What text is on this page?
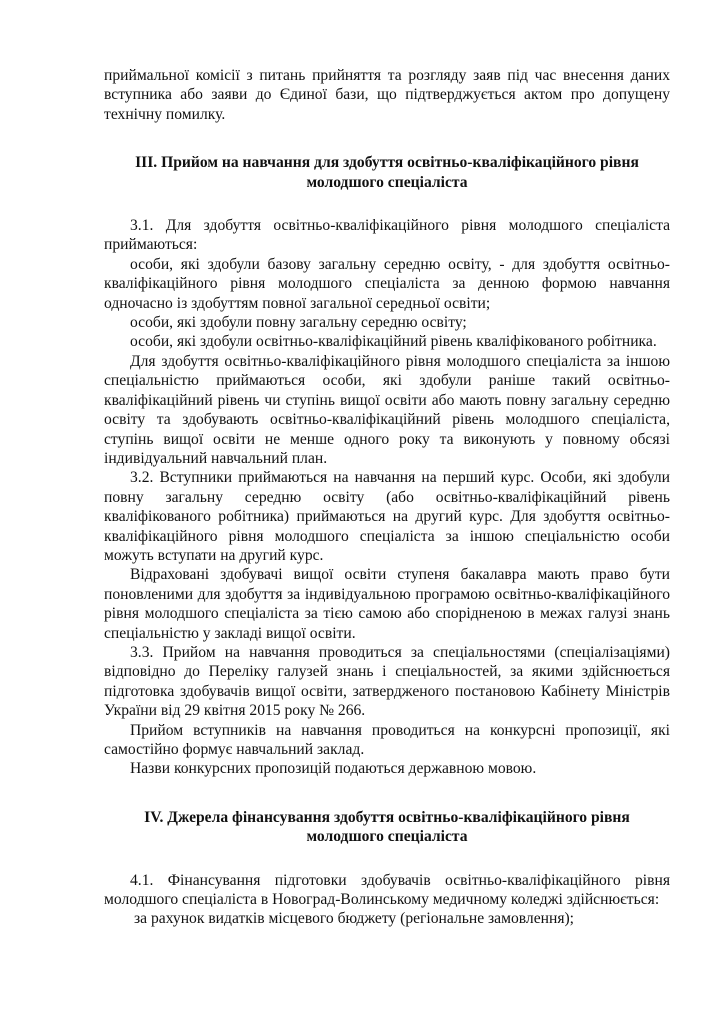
приймальної комісії з питань прийняття та розгляду заяв під час внесення даних вступника або заяви до Єдиної бази, що підтверджується актом про допущену технічну помилку.

ІІІ. Прийом на навчання для здобуття освітньо-кваліфікаційного рівня
молодшого спеціаліста

3.1. Для здобуття освітньо-кваліфікаційного рівня молодшого спеціаліста приймаються:

особи, які здобули базову загальну середню освіту, - для здобуття освітньо-кваліфікаційного рівня молодшого спеціаліста за денною формою навчання одночасно із здобуттям повної загальної середньої освіти;

особи, які здобули повну загальну середню освіту;

особи, які здобули освітньо-кваліфікаційний рівень кваліфікованого робітника.

Для здобуття освітньо-кваліфікаційного рівня молодшого спеціаліста за іншою спеціальністю приймаються особи, які здобули раніше такий освітньо-кваліфікаційний рівень чи ступінь вищої освіти або мають повну загальну середню освіту та здобувають освітньо-кваліфікаційний рівень молодшого спеціаліста, ступінь вищої освіти не менше одного року та виконують у повному обсязі індивідуальний навчальний план.

3.2. Вступники приймаються на навчання на перший курс. Особи, які здобули повну загальну середню освіту (або освітньо-кваліфікаційний рівень кваліфікованого робітника) приймаються на другий курс. Для здобуття освітньо-кваліфікаційного рівня молодшого спеціаліста за іншою спеціальністю особи можуть вступати на другий курс.

Відраховані здобувачі вищої освіти ступеня бакалавра мають право бути поновленими для здобуття за індивідуальною програмою освітньо-кваліфікаційного рівня молодшого спеціаліста за тією самою або спорідненою в межах галузі знань спеціальністю у закладі вищої освіти.

3.3. Прийом на навчання проводиться за спеціальностями (спеціалізаціями) відповідно до Переліку галузей знань і спеціальностей, за якими здійснюється підготовка здобувачів вищої освіти, затвердженого постановою Кабінету Міністрів України від 29 квітня 2015 року № 266.

Прийом вступників на навчання проводиться на конкурсні пропозиції, які самостійно формує навчальний заклад.

Назви конкурсних пропозицій подаються державною мовою.

IV. Джерела фінансування здобуття освітньо-кваліфікаційного рівня
молодшого спеціаліста

4.1. Фінансування підготовки здобувачів освітньо-кваліфікаційного рівня молодшого спеціаліста в Новоград-Волинському медичному коледжі здійснюється:

за рахунок видатків місцевого бюджету (регіональне замовлення);
